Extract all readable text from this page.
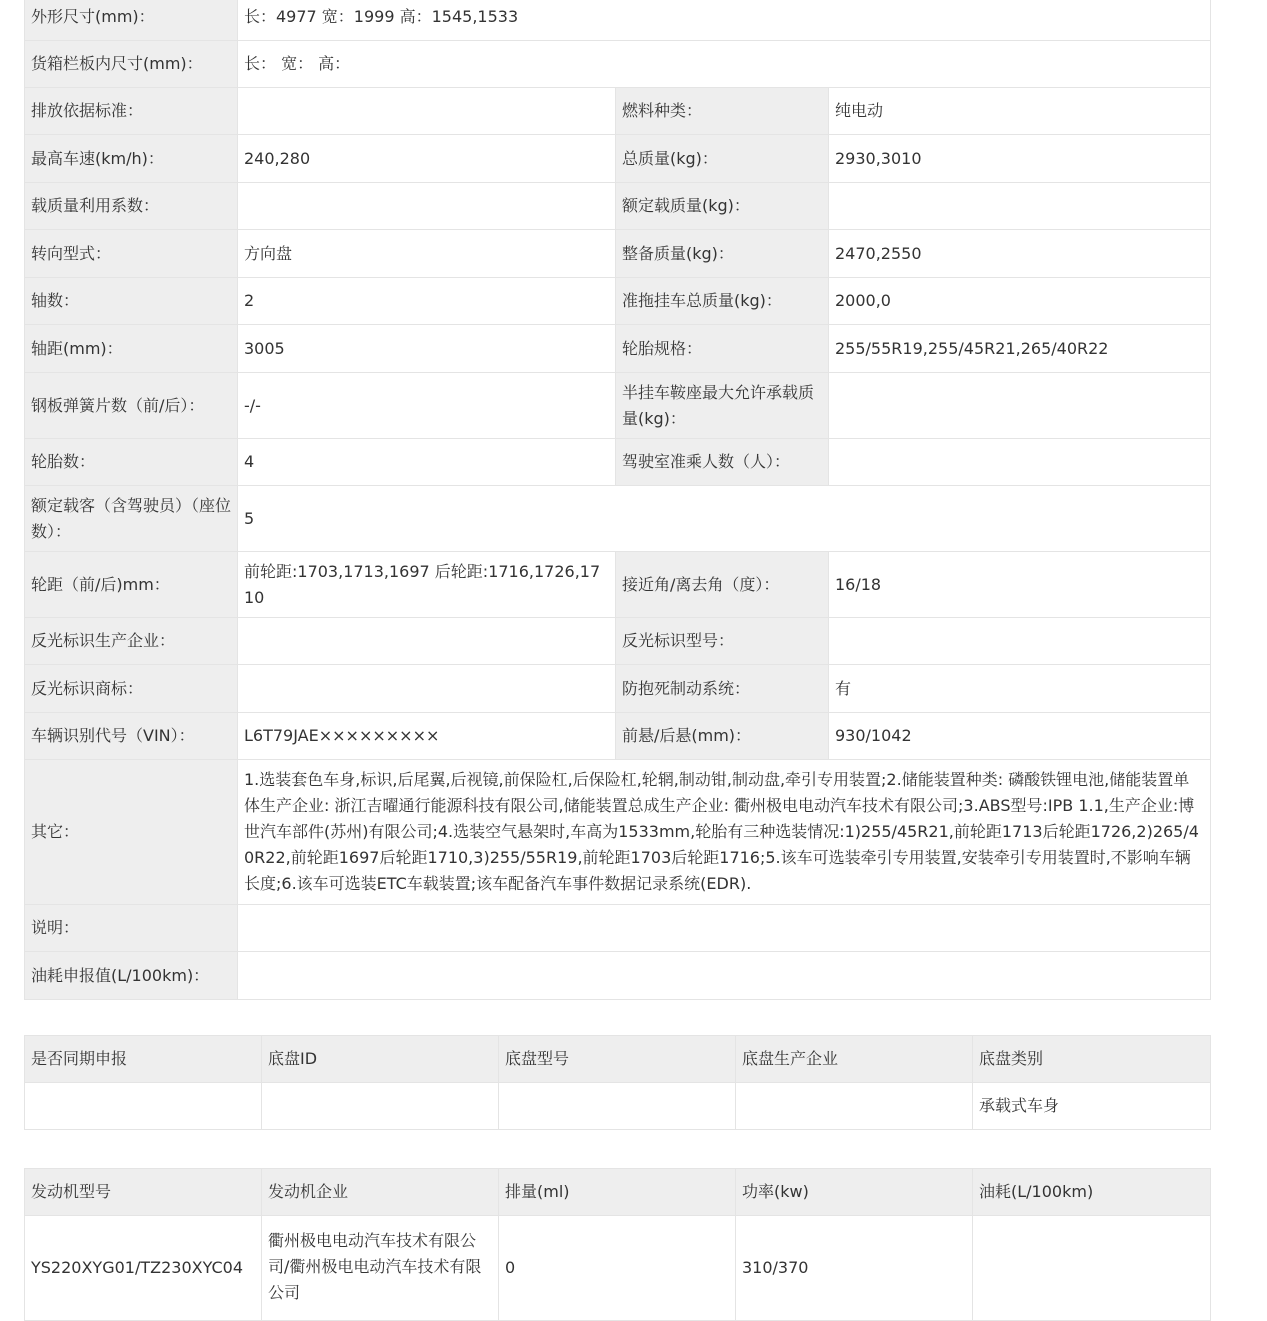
外形尺寸(mm)：	长：4977 宽：1999 高：1545,1533		
货箱栏板内尺寸(mm)：	长： 宽： 高：		
排放依据标准：		燃料种类：	纯电动
最高车速(km/h)：	240,280	总质量(kg)：	2930,3010
载质量利用系数：		额定载质量(kg)：	
转向型式：	方向盘	整备质量(kg)：	2470,2550
轴数：	2	准拖挂车总质量(kg)：	2000,0
轴距(mm)：	3005	轮胎规格：	255/55R19,255/45R21,265/40R22
钢板弹簧片数（前/后）：	-/-	半挂车鞍座最大允许承载质量(kg)：	
轮胎数：	4	驾驶室准乘人数（人）：	
额定载客（含驾驶员）（座位数）：	5		
轮距（前/后)mm：	前轮距:1703,1713,1697 后轮距:1716,1726,1710	接近角/离去角（度）：	16/18
反光标识生产企业：		反光标识型号：	
反光标识商标：		防抱死制动系统：	有
车辆识别代号（VIN）：	L6T79JAE×××××××××	前悬/后悬(mm)：	930/1042
其它：	1.选装套色车身,标识,后尾翼,后视镜,前保险杠,后保险杠,轮辋,制动钳,制动盘,牵引专用装置;2.储能装置种类: 磷酸铁锂电池,储能装置单体生产企业: 浙江吉曜通行能源科技有限公司,储能装置总成生产企业: 衢州极电电动汽车技术有限公司;3.ABS型号:IPB 1.1,生产企业:博世汽车部件(苏州)有限公司;4.选装空气悬架时,车高为1533mm,轮胎有三种选装情况:1)255/45R21,前轮距1713后轮距1726,2)265/40R22,前轮距1697后轮距1710,3)255/55R19,前轮距1703后轮距1716;5.该车可选装牵引专用装置,安装牵引专用装置时,不影响车辆长度;6.该车可选装ETC车载装置;该车配备汽车事件数据记录系统(EDR).		
说明：			
油耗申报值(L/100km)：			
是否同期申报	底盘ID	底盘型号	底盘生产企业	底盘类别
				承载式车身
发动机型号	发动机企业	排量(ml)	功率(kw)	油耗(L/100km)
YS220XYG01/TZ230XYC04	衢州极电电动汽车技术有限公司/衢州极电电动汽车技术有限公司	0	310/370	
